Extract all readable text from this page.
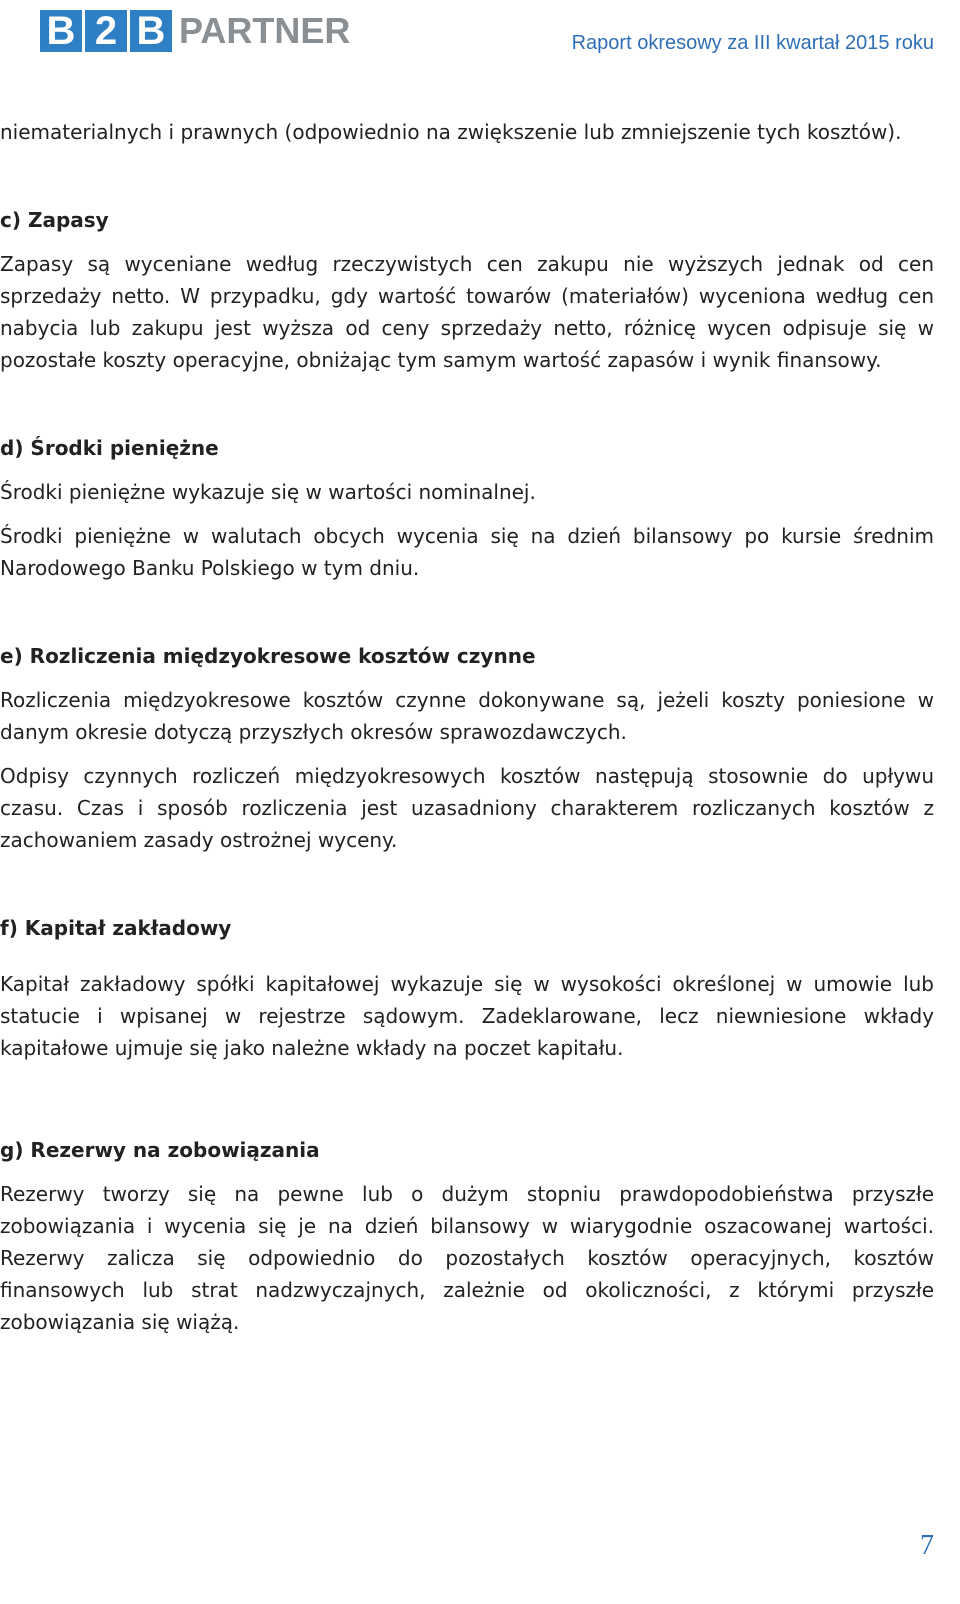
B 2 B PARTNER	Raport okresowy za III kwartał 2015 roku

niematerialnych i prawnych (odpowiednio na zwiększenie lub zmniejszenie tych kosztów).

c) Zapasy

Zapasy są wyceniane według rzeczywistych cen zakupu nie wyższych jednak od cen sprzedaży netto. W przypadku, gdy wartość towarów (materiałów) wyceniona według cen nabycia lub zakupu jest wyższa od ceny sprzedaży netto, różnicę wycen odpisuje się w pozostałe koszty operacyjne, obniżając tym samym wartość zapasów i wynik finansowy.

d) Środki pieniężne

Środki pieniężne wykazuje się w wartości nominalnej.

Środki pieniężne w walutach obcych wycenia się na dzień bilansowy po kursie średnim Narodowego Banku Polskiego w tym dniu.

e) Rozliczenia międzyokresowe kosztów czynne

Rozliczenia międzyokresowe kosztów czynne dokonywane są, jeżeli koszty poniesione w danym okresie dotyczą przyszłych okresów sprawozdawczych.

Odpisy czynnych rozliczeń międzyokresowych kosztów następują stosownie do upływu czasu. Czas i sposób rozliczenia jest uzasadniony charakterem rozliczanych kosztów z zachowaniem zasady ostrożnej wyceny.

f) Kapitał zakładowy

Kapitał zakładowy spółki kapitałowej wykazuje się w wysokości określonej w umowie lub statucie i wpisanej w rejestrze sądowym. Zadeklarowane, lecz niewniesione wkłady kapitałowe ujmuje się jako należne wkłady na poczet kapitału.

g) Rezerwy na zobowiązania

Rezerwy tworzy się na pewne lub o dużym stopniu prawdopodobieństwa przyszłe zobowiązania i wycenia się je na dzień bilansowy w wiarygodnie oszacowanej wartości. Rezerwy zalicza się odpowiednio do pozostałych kosztów operacyjnych, kosztów finansowych lub strat nadzwyczajnych, zależnie od okoliczności, z którymi przyszłe zobowiązania się wiążą.

7
